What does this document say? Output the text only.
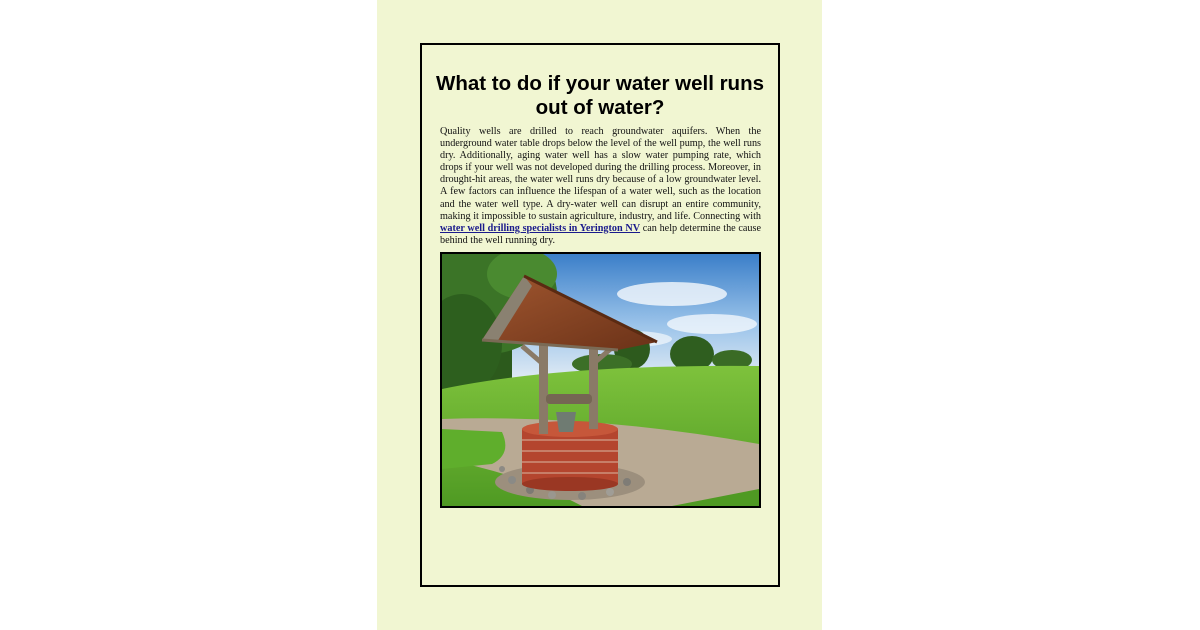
What to do if your water well runs out of water?

Quality wells are drilled to reach groundwater aquifers. When the underground water table drops below the level of the well pump, the well runs dry. Additionally, aging water well has a slow water pumping rate, which drops if your well was not developed during the drilling process. Moreover, in drought-hit areas, the water well runs dry because of a low groundwater level. A few factors can influence the lifespan of a water well, such as the location and the water well type. A dry-water well can disrupt an entire community, making it impossible to sustain agriculture, industry, and life. Connecting with water well drilling specialists in Yerington NV can help determine the cause behind the well running dry.
